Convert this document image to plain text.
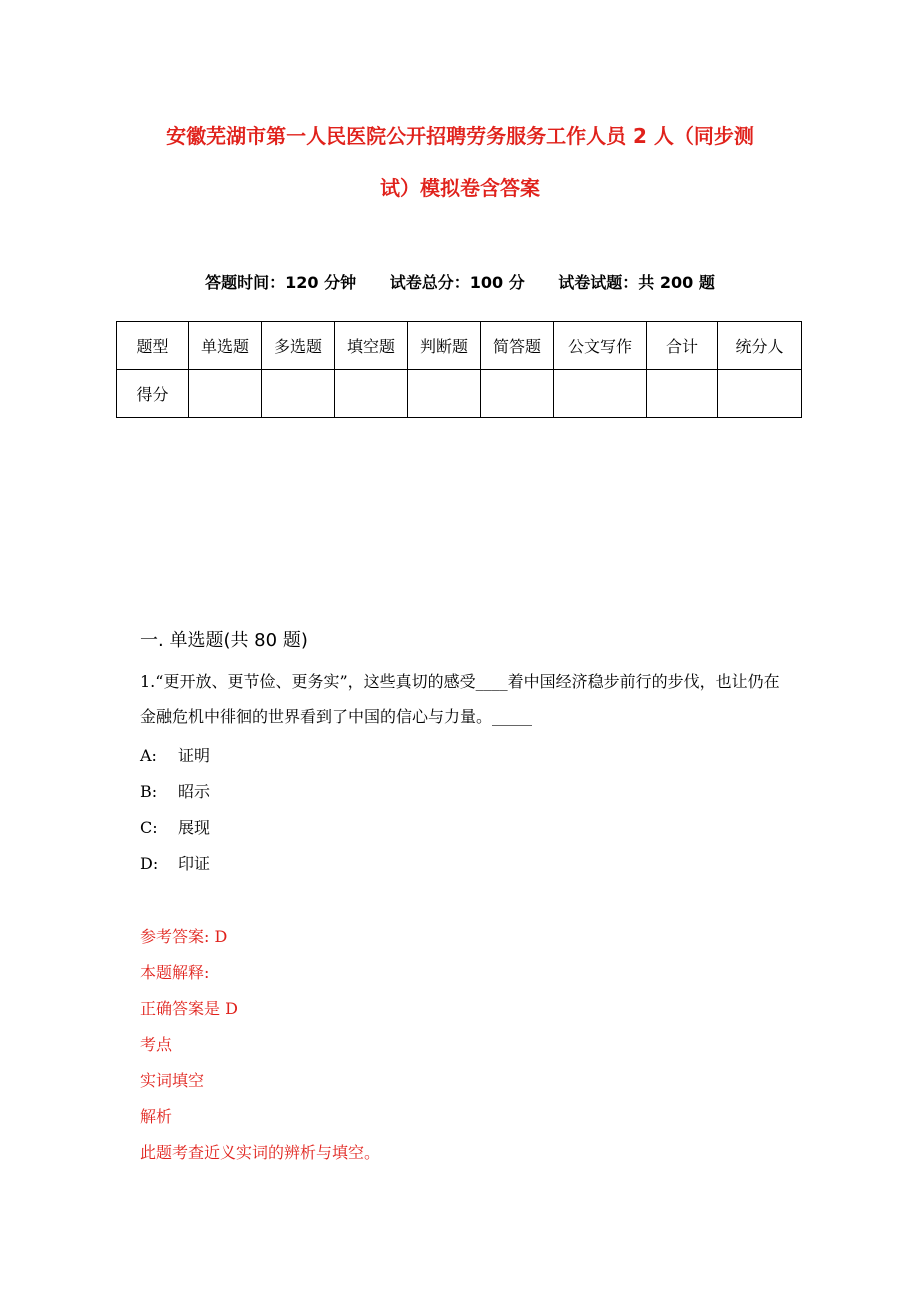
安徽芜湖市第一人民医院公开招聘劳务服务工作人员 2 人（同步测
试）模拟卷含答案
答题时间：120 分钟 试卷总分：100 分 试卷试题：共 200 题
题型	单选题	多选题	填空题	判断题	简答题	公文写作	合计	统分人
得分								
一. 单选题(共 80 题)
1.“更开放、更节俭、更务实”，这些真切的感受____着中国经济稳步前行的步伐，也让仍在金融危机中徘徊的世界看到了中国的信心与力量。_____
A: 证明
B: 昭示
C: 展现
D: 印证
参考答案: D
本题解释:
正确答案是 D
考点
实词填空
解析
此题考查近义实词的辨析与填空。
